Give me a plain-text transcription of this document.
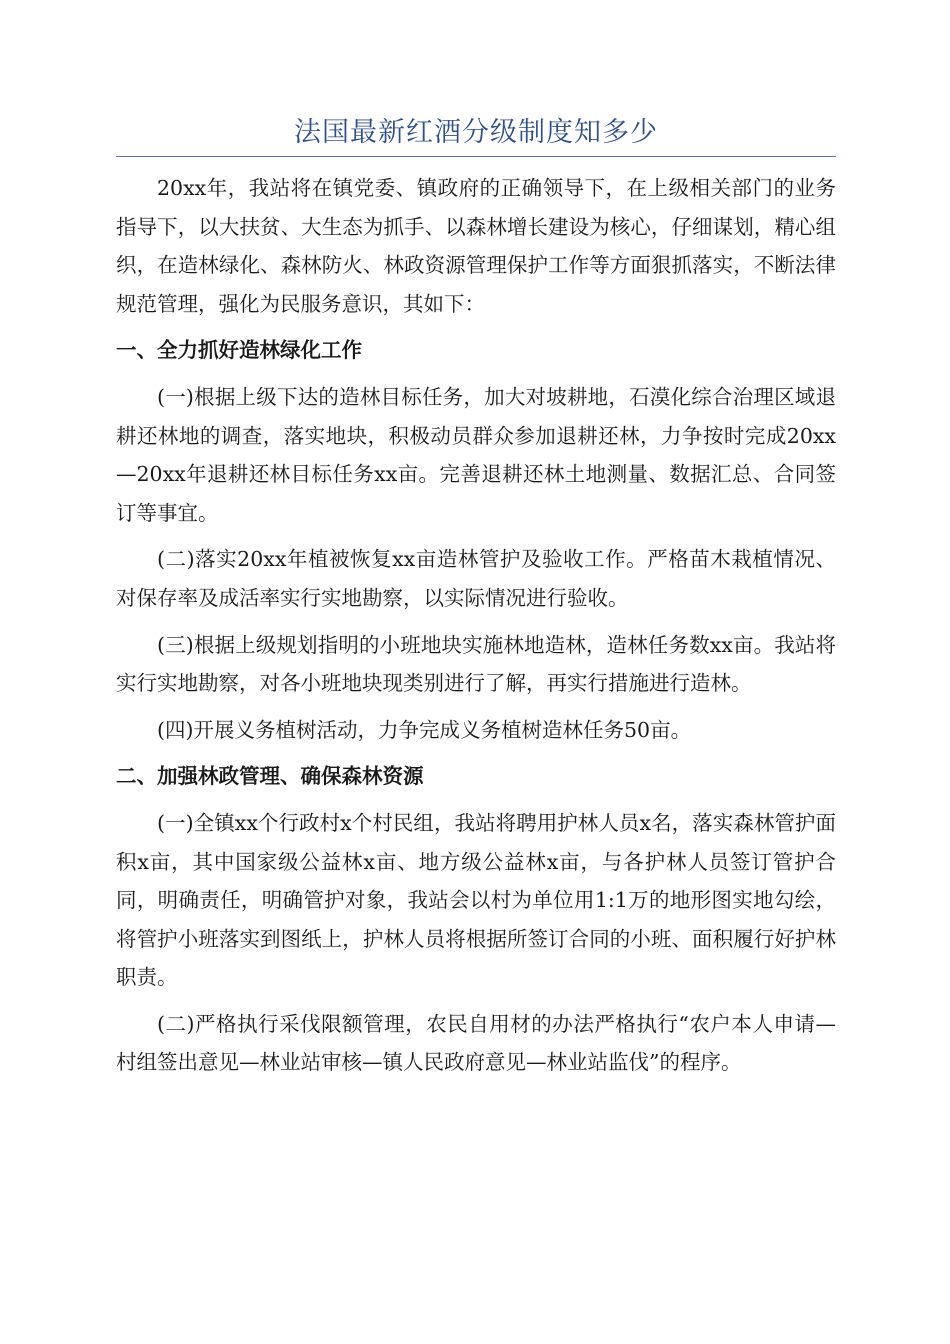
法国最新红酒分级制度知多少

20xx年，我站将在镇党委、镇政府的正确领导下，在上级相关部门的业务指导下，以大扶贫、大生态为抓手、以森林增长建设为核心，仔细谋划，精心组织，在造林绿化、森林防火、林政资源管理保护工作等方面狠抓落实，不断法律规范管理，强化为民服务意识，其如下：

一、全力抓好造林绿化工作

(一)根据上级下达的造林目标任务，加大对坡耕地，石漠化综合治理区域退耕还林地的调查，落实地块，积极动员群众参加退耕还林，力争按时完成20xx—20xx年退耕还林目标任务xx亩。完善退耕还林土地测量、数据汇总、合同签订等事宜。

(二)落实20xx年植被恢复xx亩造林管护及验收工作。严格苗木栽植情况、对保存率及成活率实行实地勘察，以实际情况进行验收。

(三)根据上级规划指明的小班地块实施林地造林，造林任务数xx亩。我站将实行实地勘察，对各小班地块现类别进行了解，再实行措施进行造林。

(四)开展义务植树活动，力争完成义务植树造林任务50亩。

二、加强林政管理、确保森林资源

(一)全镇xx个行政村x个村民组，我站将聘用护林人员x名，落实森林管护面积x亩，其中国家级公益林x亩、地方级公益林x亩，与各护林人员签订管护合同，明确责任，明确管护对象，我站会以村为单位用1:1万的地形图实地勾绘，将管护小班落实到图纸上，护林人员将根据所签订合同的小班、面积履行好护林职责。

(二)严格执行采伐限额管理，农民自用材的办法严格执行“农户本人申请—村组签出意见—林业站审核—镇人民政府意见—林业站监伐”的程序。
